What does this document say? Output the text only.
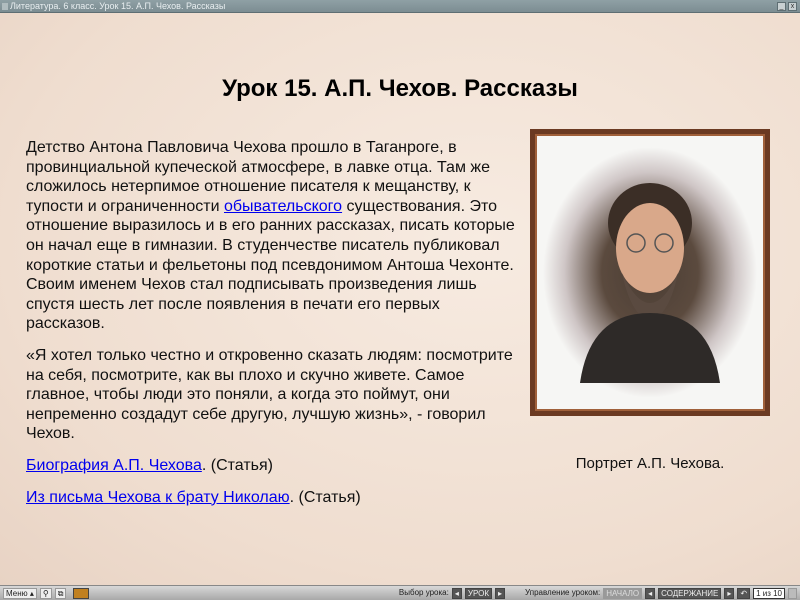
Литература. 6 класс. Урок 15. А.П. Чехов. Рассказы	_	x
Урок 15. А.П. Чехов. Рассказы

Детство Антона Павловича Чехова прошло в Таганроге, в провинциальной купеческой атмосфере, в лавке отца. Там же сложилось нетерпимое отношение писателя к мещанству, к тупости и ограниченности обывательского существования. Это отношение выразилось и в его ранних рассказах, писать которые он начал еще в гимназии. В студенчестве писатель публиковал короткие статьи и фельетоны под псевдонимом Антоша Чехонте. Своим именем Чехов стал подписывать произведения лишь спустя шесть лет после появления в печати его первых рассказов.

«Я хотел только честно и откровенно сказать людям: посмотрите на себя, посмотрите, как вы плохо и скучно живете. Самое главное, чтобы люди это поняли, а когда это поймут, они непременно создадут себе другую, лучшую жизнь», - говорил Чехов.

Биография А.П. Чехова. (Статья)

Из письма Чехова к брату Николаю. (Статья)

Портрет А.П. Чехова.
Меню ▴	⚲	⧉	Выбор урока: ◂	УРОК	▸	Управление уроком: НАЧАЛО	◂	СОДЕРЖАНИЕ	▸	↶	1 из 10
